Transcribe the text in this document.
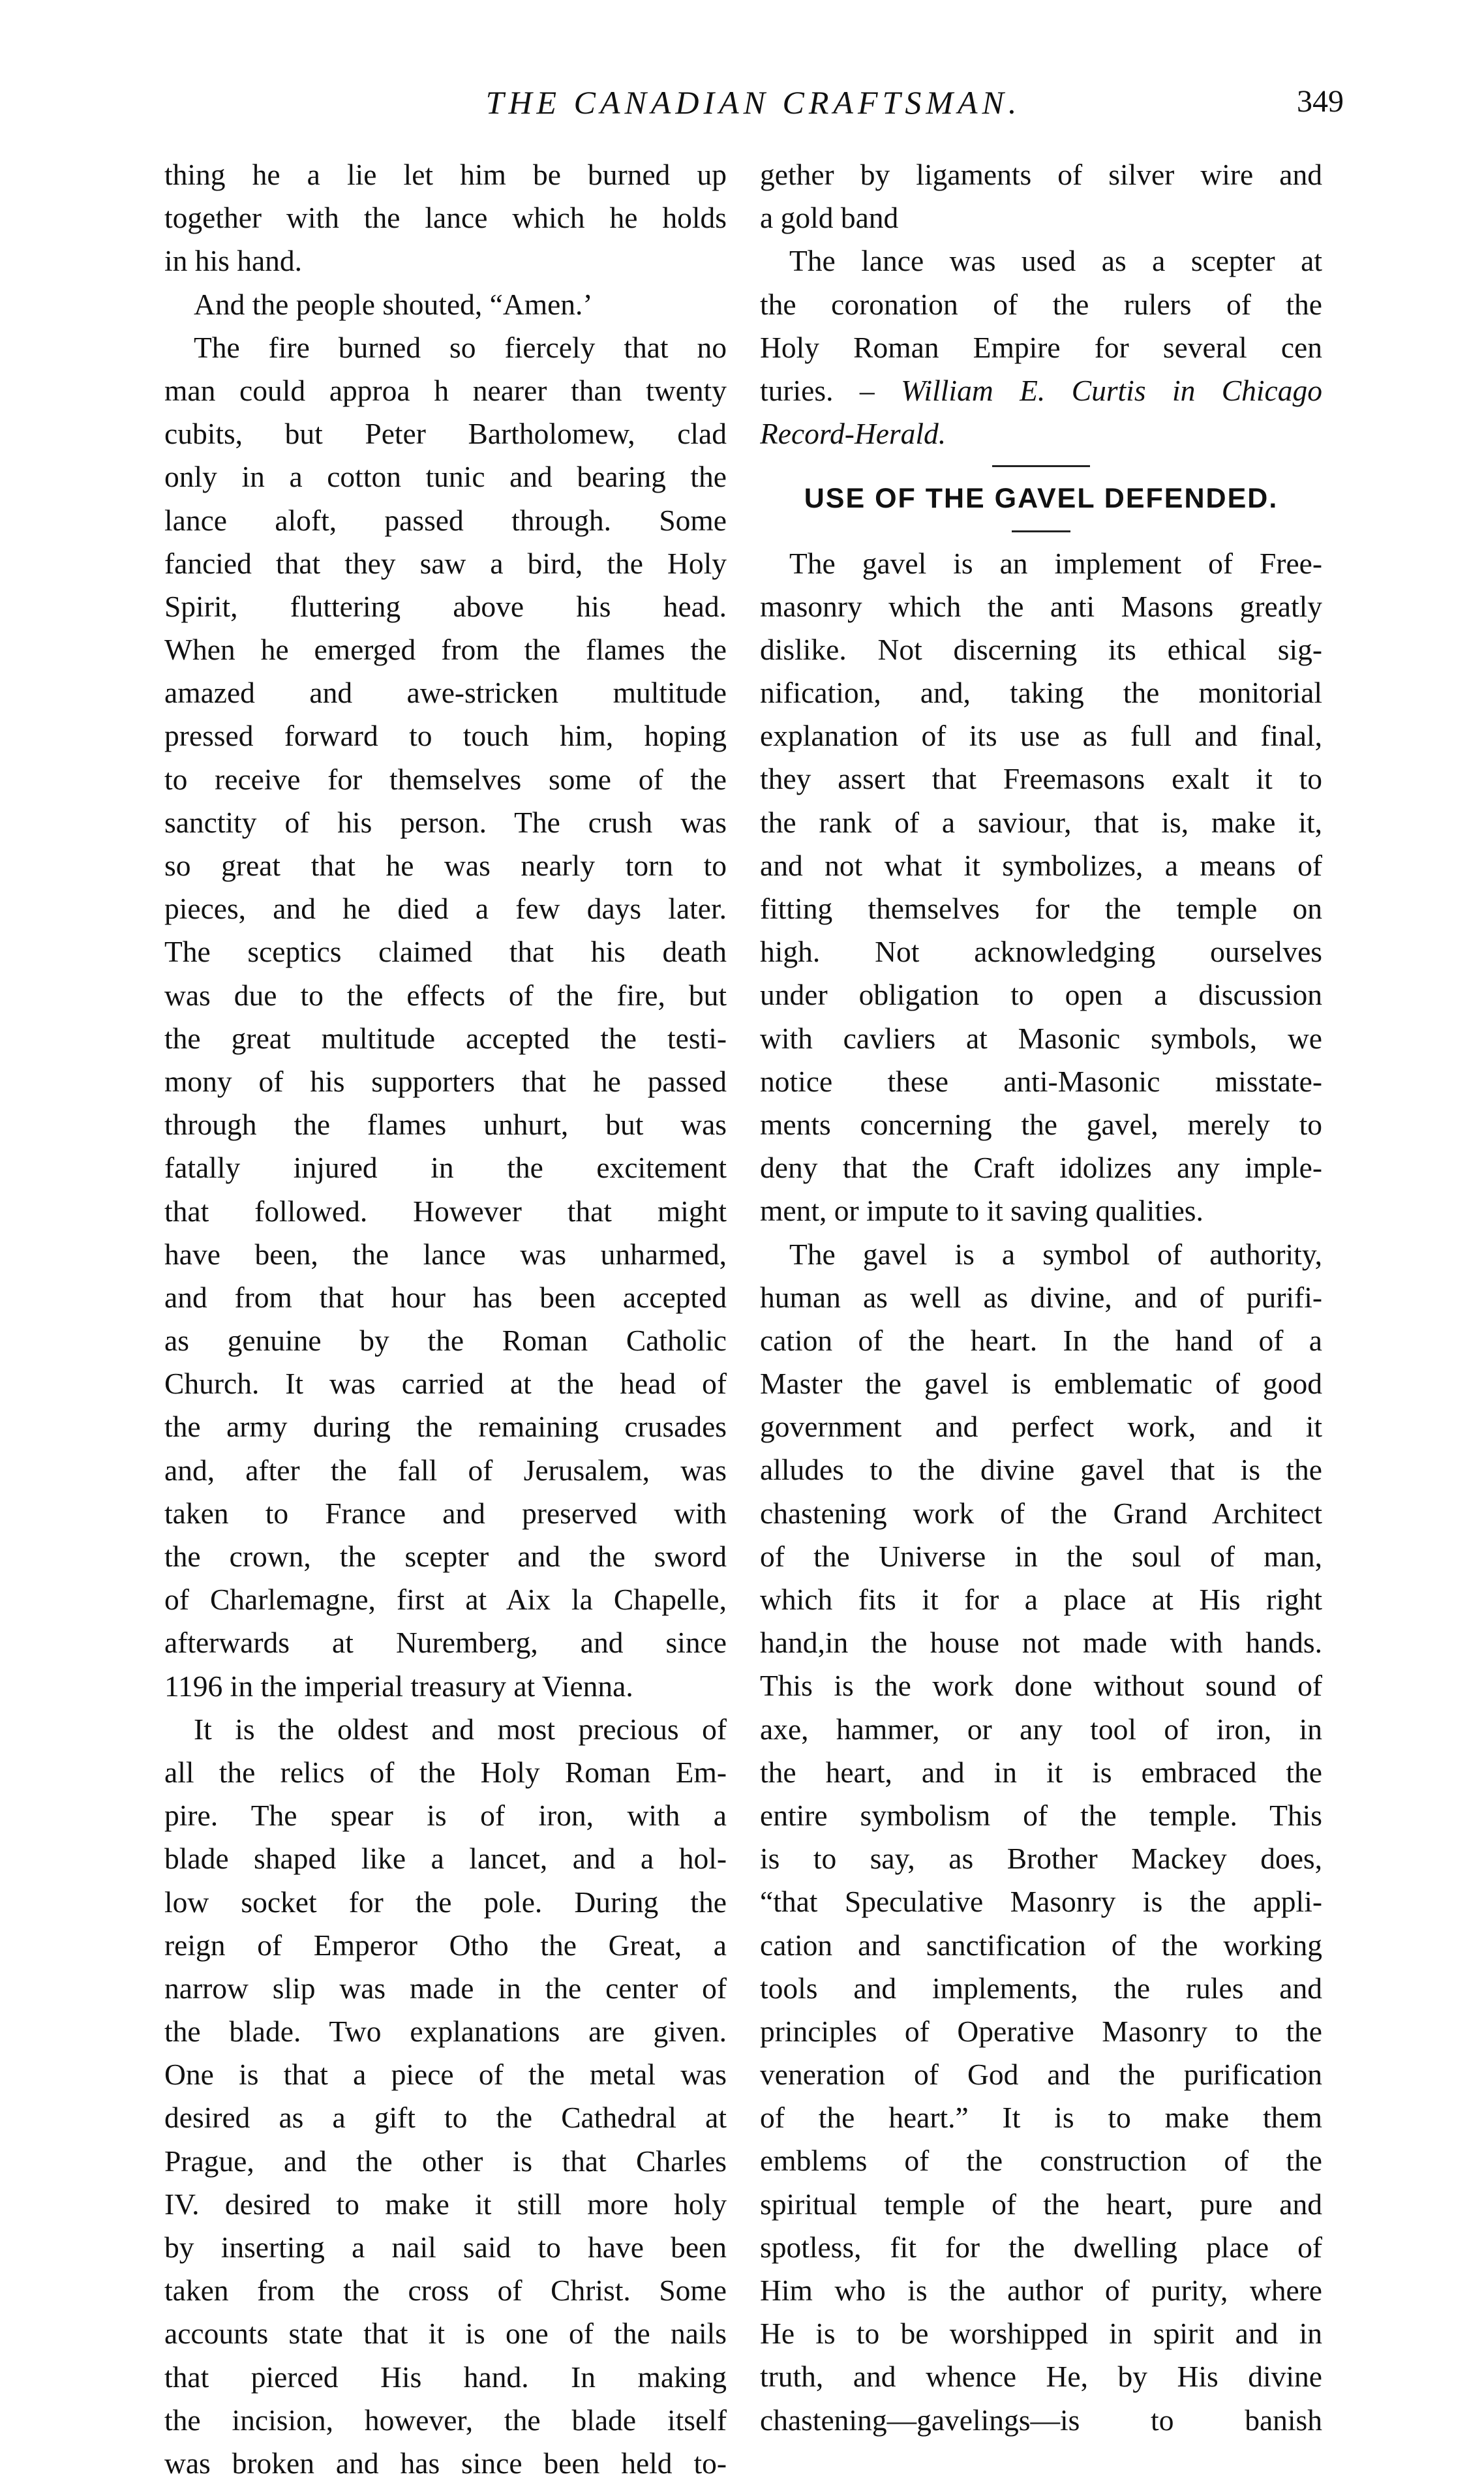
THE CANADIAN CRAFTSMAN.	349
thing he a lie let him be burned up
together with the lance which he holds
in his hand.
And the people shouted, “Amen.’
The fire burned so fiercely that no
man could approa h nearer than twenty
cubits, but Peter Bartholomew, clad
only in a cotton tunic and bearing the
lance aloft, passed through. Some
fancied that they saw a bird, the Holy
Spirit, fluttering above his head.
When he emerged from the flames the
amazed and awe-stricken multitude
pressed forward to touch him, hoping
to receive for themselves some of the
sanctity of his person. The crush was
so great that he was nearly torn to
pieces, and he died a few days later.
The sceptics claimed that his death
was due to the effects of the fire, but
the great multitude accepted the testi-
mony of his supporters that he passed
through the flames unhurt, but was
fatally injured in the excitement
that followed. However that might
have been, the lance was unharmed,
and from that hour has been accepted
as genuine by the Roman Catholic
Church. It was carried at the head of
the army during the remaining crusades
and, after the fall of Jerusalem, was
taken to France and preserved with
the crown, the scepter and the sword
of Charlemagne, first at Aix la Chapelle,
afterwards at Nuremberg, and since
1196 in the imperial treasury at Vienna.
It is the oldest and most precious of
all the relics of the Holy Roman Em-
pire. The spear is of iron, with a
blade shaped like a lancet, and a hol-
low socket for the pole. During the
reign of Emperor Otho the Great, a
narrow slip was made in the center of
the blade. Two explanations are given.
One is that a piece of the metal was
desired as a gift to the Cathedral at
Prague, and the other is that Charles
IV. desired to make it still more holy
by inserting a nail said to have been
taken from the cross of Christ. Some
accounts state that it is one of the nails
that pierced His hand. In making
the incision, however, the blade itself
was broken and has since been held to-
gether by ligaments of silver wire and
a gold band
The lance was used as a scepter at
the coronation of the rulers of the
Holy Roman Empire for several cen
turies. – William E. Curtis in Chicago
Record-Herald.
USE OF THE GAVEL DEFENDED.
The gavel is an implement of Free-
masonry which the anti Masons greatly
dislike. Not discerning its ethical sig-
nification, and, taking the monitorial
explanation of its use as full and final,
they assert that Freemasons exalt it to
the rank of a saviour, that is, make it,
and not what it symbolizes, a means of
fitting themselves for the temple on
high. Not acknowledging ourselves
under obligation to open a discussion
with cavliers at Masonic symbols, we
notice these anti-Masonic misstate-
ments concerning the gavel, merely to
deny that the Craft idolizes any imple-
ment, or impute to it saving qualities.
The gavel is a symbol of authority,
human as well as divine, and of purifi-
cation of the heart. In the hand of a
Master the gavel is emblematic of good
government and perfect work, and it
alludes to the divine gavel that is the
chastening work of the Grand Architect
of the Universe in the soul of man,
which fits it for a place at His right
hand,in the house not made with hands.
This is the work done without sound of
axe, hammer, or any tool of iron, in
the heart, and in it is embraced the
entire symbolism of the temple. This
is to say, as Brother Mackey does,
“that Speculative Masonry is the appli-
cation and sanctification of the working
tools and implements, the rules and
principles of Operative Masonry to the
veneration of God and the purification
of the heart.” It is to make them
emblems of the construction of the
spiritual temple of the heart, pure and
spotless, fit for the dwelling place of
Him who is the author of purity, where
He is to be worshipped in spirit and in
truth, and whence He, by His divine
chastening—gavelings—is to banish
